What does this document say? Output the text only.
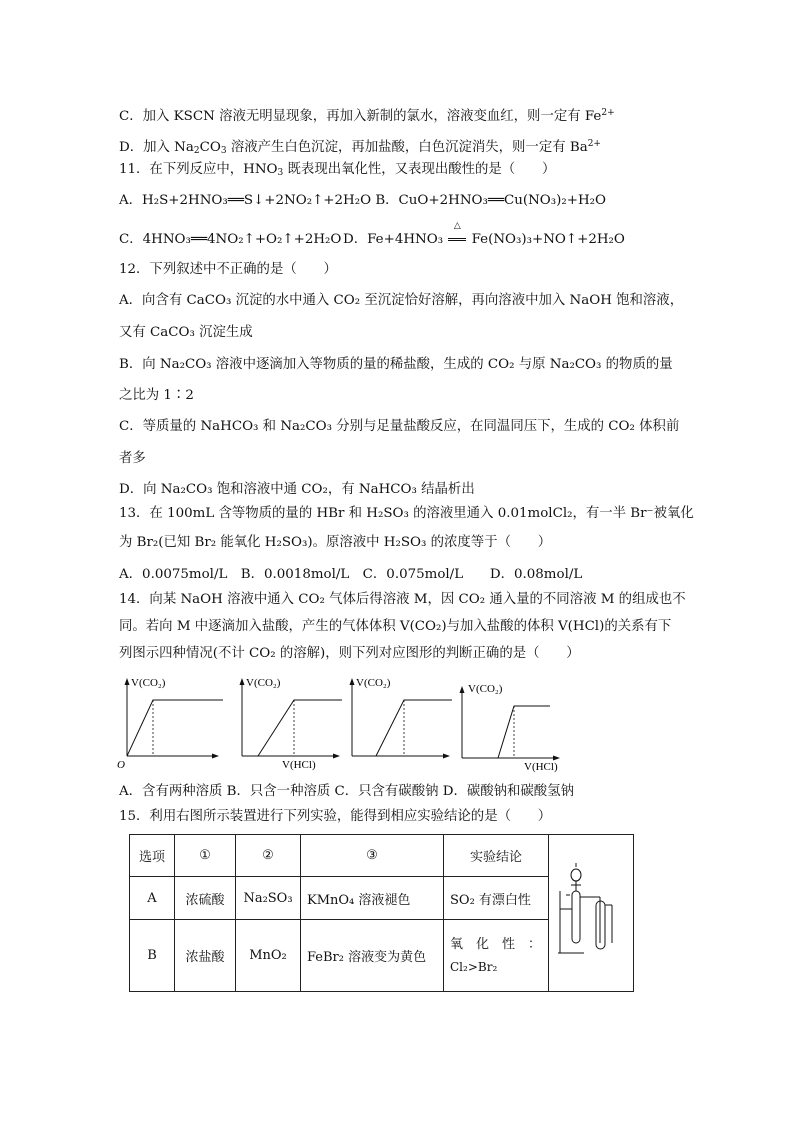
C．加入 KSCN 溶液无明显现象，再加入新制的氯水，溶液变血红，则一定有 $Fe^{2+}$
D．加入 $Na_2CO_3$ 溶液产生白色沉淀，再加盐酸，白色沉淀消失，则一定有 $Ba^{2+}$
11．在下列反应中，$HNO_3$ 既表现出氧化性，又表现出酸性的是（　　）
A．H₂S+2HNO₃══S↓+2NO₂↑+2H₂O B．CuO+2HNO₃══Cu(NO₃)₂+H₂O
C．4HNO₃══4NO₂↑+O₂↑+2H₂O D．Fe+4HNO₃
△
Fe(NO₃)₃+NO↑+2H₂O
12．下列叙述中不正确的是（　　）
A．向含有 CaCO₃ 沉淀的水中通入 CO₂ 至沉淀恰好溶解，再向溶液中加入 NaOH 饱和溶液，
又有 CaCO₃ 沉淀生成
B．向 Na₂CO₃ 溶液中逐滴加入等物质的量的稀盐酸，生成的 CO₂ 与原 Na₂CO₃ 的物质的量
之比为 1∶2
C．等质量的 NaHCO₃ 和 Na₂CO₃ 分别与足量盐酸反应，在同温同压下，生成的 CO₂ 体积前
者多
D．向 Na₂CO₃ 饱和溶液中通 CO₂，有 NaHCO₃ 结晶析出
13．在 100mL 含等物质的量的 HBr 和 H₂SO₃ 的溶液里通入 0.01molCl₂，有一半 Br⁻被氧化
为 Br₂(已知 Br₂ 能氧化 H₂SO₃)。原溶液中 H₂SO₃ 的浓度等于（　　）
A．0.0075mol/L　B．0.0018mol/L　C．0.075mol/L　　D．0.08mol/L
14．向某 NaOH 溶液中通入 CO₂ 气体后得溶液 M，因 CO₂ 通入量的不同溶液 M 的组成也不
同。若向 M 中逐滴加入盐酸，产生的气体体积 V(CO₂)与加入盐酸的体积 V(HCl)的关系有下
列图示四种情况(不计 CO₂ 的溶解)，则下列对应图形的判断正确的是（　　）
V(CO₂)
O
V(CO₂)
V(HCl)
V(CO₂)	V(CO₂)
V(HCl)
A．含有两种溶质 B．只含一种溶质 C．只含有碳酸钠 D．碳酸钠和碳酸氢钠
15．利用右图所示装置进行下列实验，能得到相应实验结论的是（　　）
选项	①	②	③	实验结论	
A	浓硫酸	Na₂SO₃	KMnO₄ 溶液褪色	SO₂ 有漂白性	
B	浓盐酸	MnO₂	FeBr₂ 溶液变为黄色	氧　化　性　：
Cl₂>Br₂	
